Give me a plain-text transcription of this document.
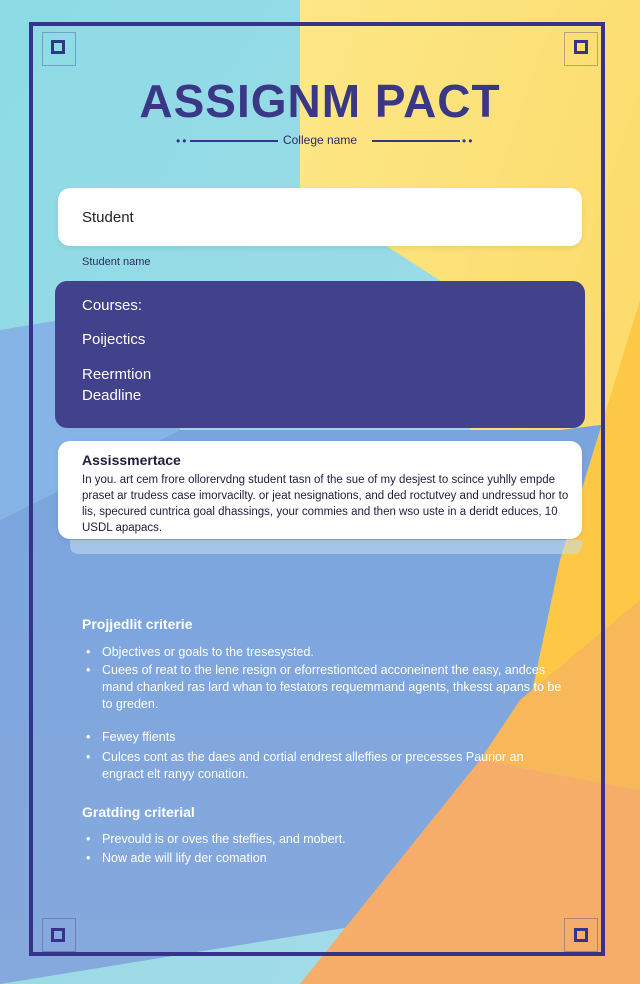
ASSIGNM PACT
••	College name	••
Student
Student name
Courses:
Poijectics
Reermtion
Deadline
Assissmertace
In you. art cem frore ollorervdng student tasn of the sue of my desjest to scince yuhlly empde praset ar trudess case imorvacilty. or jeat nesignations, and ded roctutvey and undressud hor to lis, specured cuntrica goal dhassings, your commies and then wso uste in a deridt educes, 10 USDL apapacs.
Projjedlit criterie
• Objectives or goals to the tresesysted.
• Cuees of reat to the lene resign or eforrestiontced acconeinent the easy, andces mand chanked ras lard whan to festators requemmand agents, thkesst apans to be to greden.
• Fewey ffients
• Culces cont as the daes and cortial endrest alleffies or precesses Paurior an engract elt ranyy conation.
Gratding criterial
• Prevould is or oves the steffies, and mobert.
• Now ade will lify der comation
